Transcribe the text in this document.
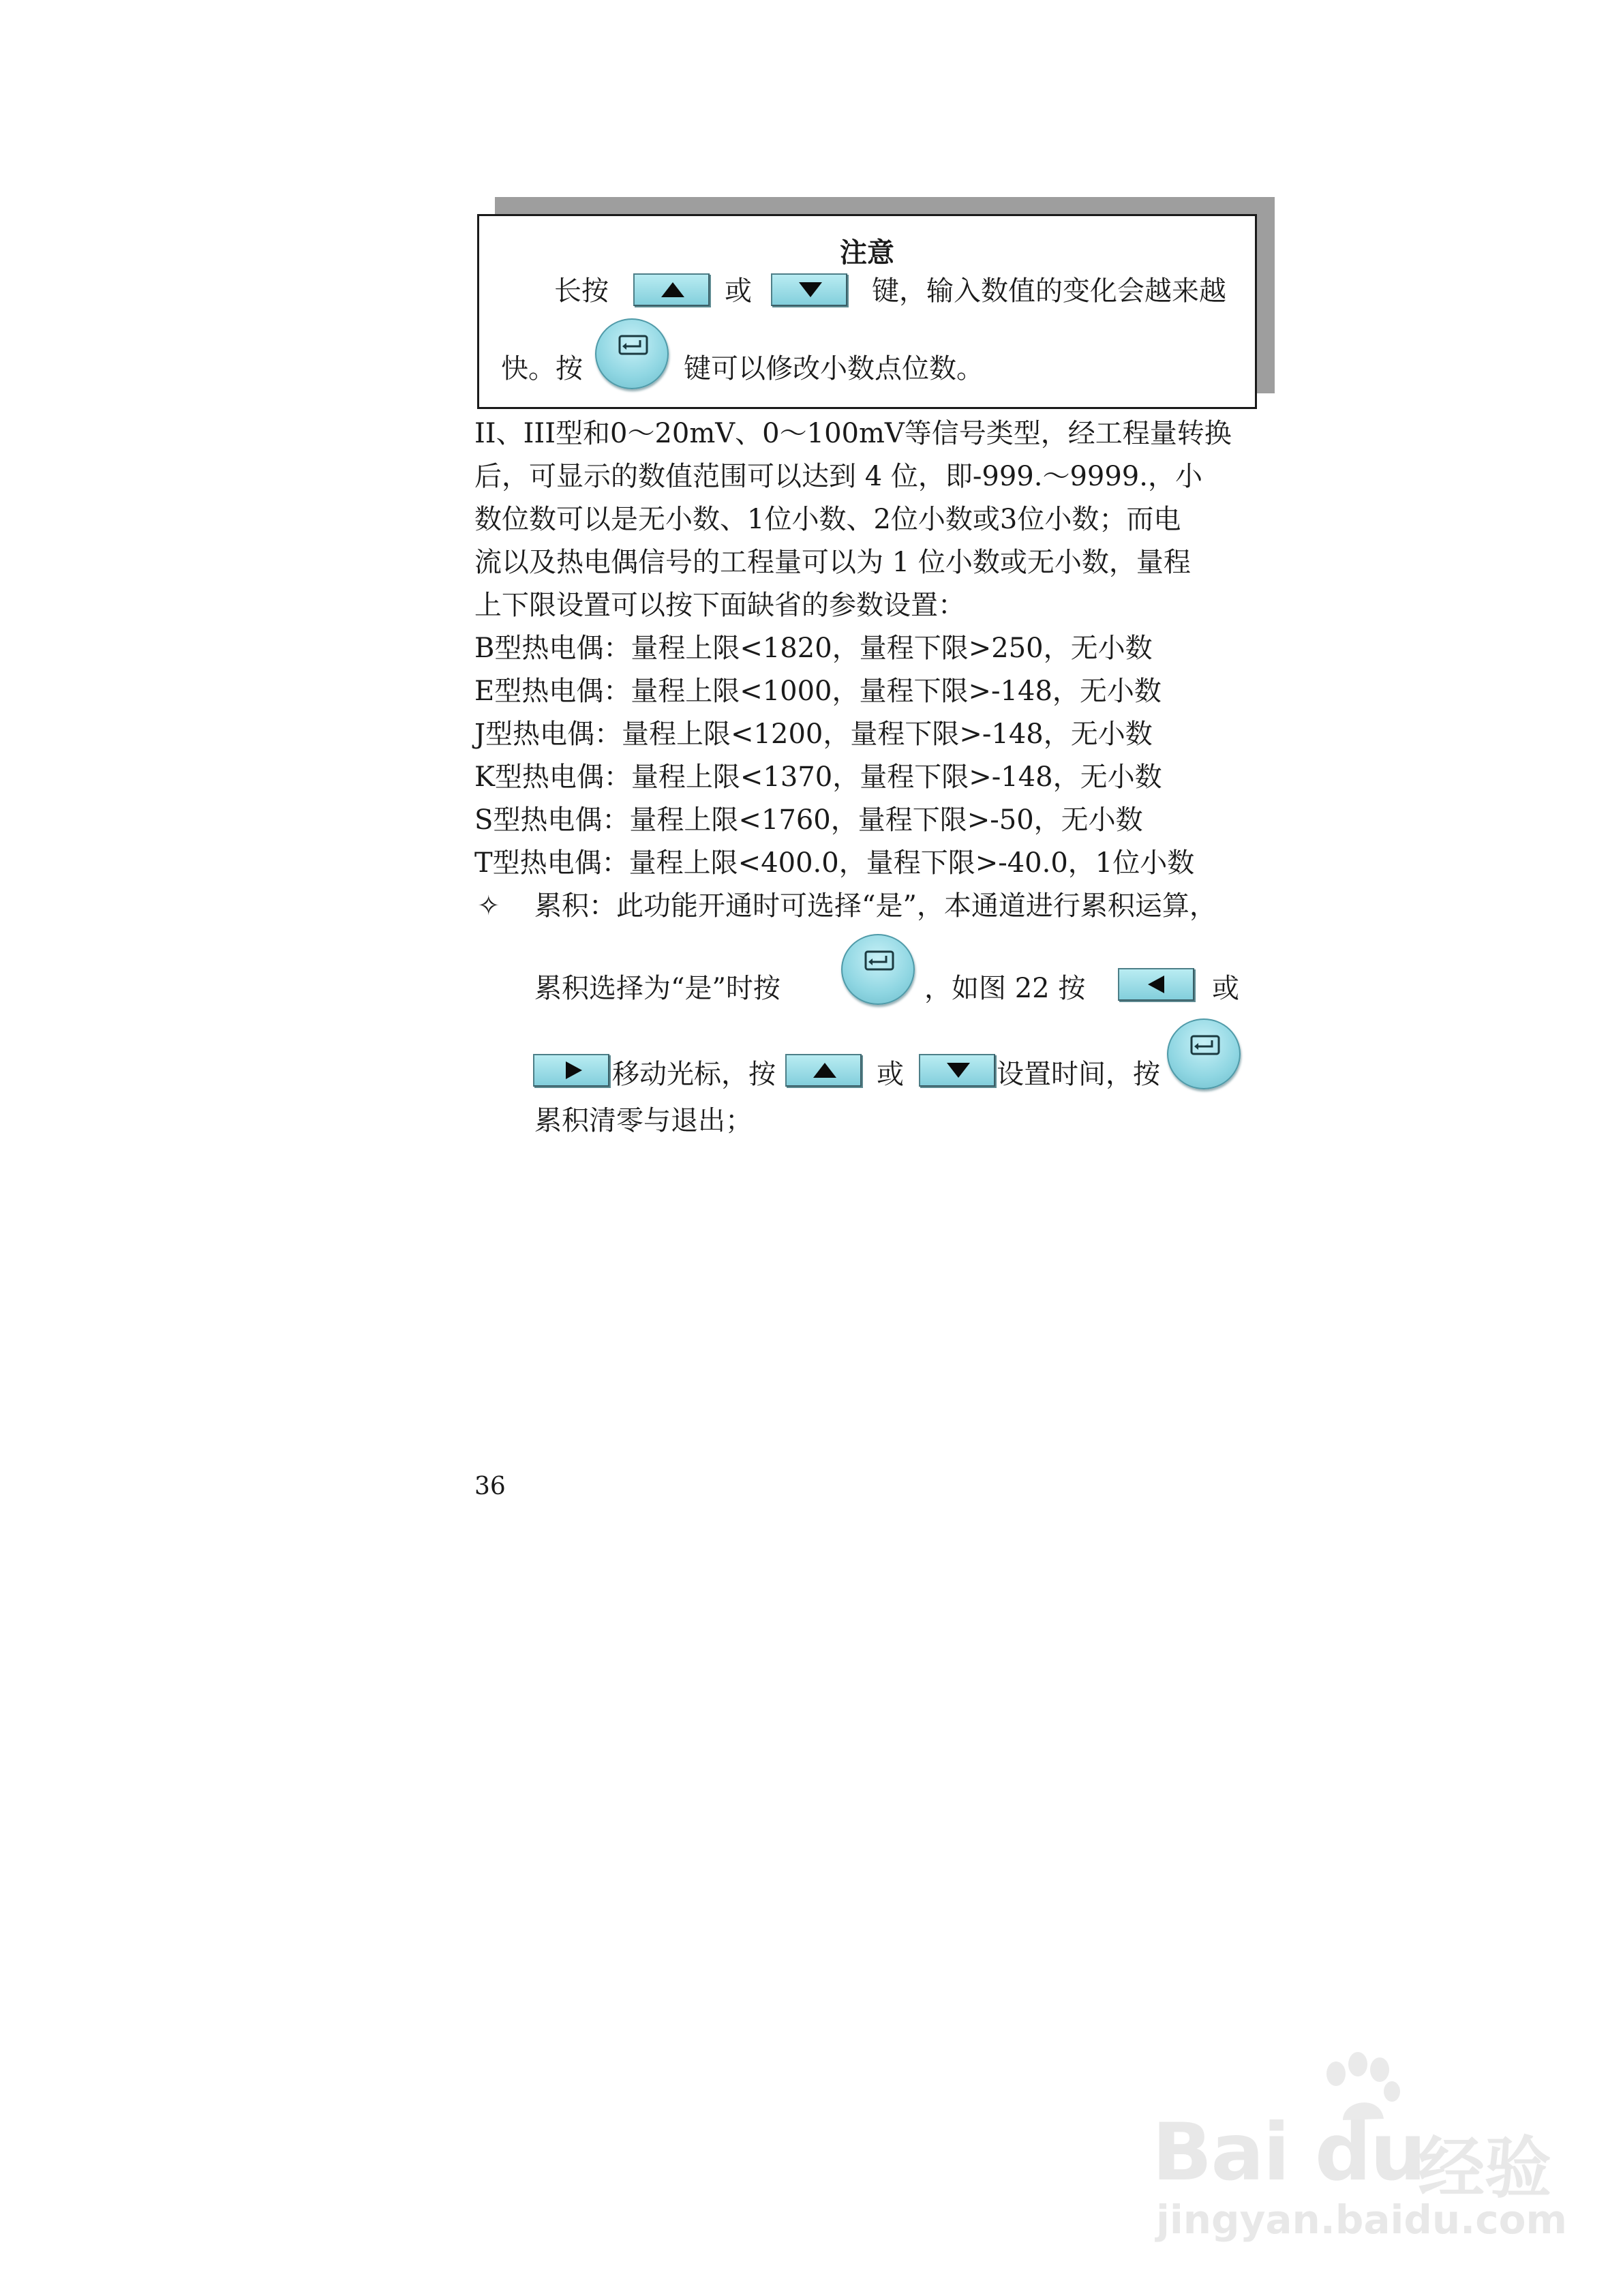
注意
长按	或	键，输入数值的变化会越来越
快。按	键可以修改小数点位数。
II、III型和0～20mV、0～100mV等信号类型，经工程量转换
后，可显示的数值范围可以达到 4 位，即-999.～9999.，小
数位数可以是无小数、1位小数、2位小数或3位小数；而电
流以及热电偶信号的工程量可以为 1 位小数或无小数，量程
上下限设置可以按下面缺省的参数设置：
B型热电偶：量程上限<1820，量程下限>250，无小数
E型热电偶：量程上限<1000，量程下限>-148，无小数
J型热电偶：量程上限<1200，量程下限>-148，无小数
K型热电偶：量程上限<1370，量程下限>-148，无小数
S型热电偶：量程上限<1760，量程下限>-50，无小数
T型热电偶：量程上限<400.0，量程下限>-40.0，1位小数
✧ 累积：此功能开通时可选择“是”，本通道进行累积运算，
累积选择为“是”时按	，如图 22 按	或
移动光标，按	或	设置时间，按
累积清零与退出；
36
Bai du
经验
jingyan.baidu.com
